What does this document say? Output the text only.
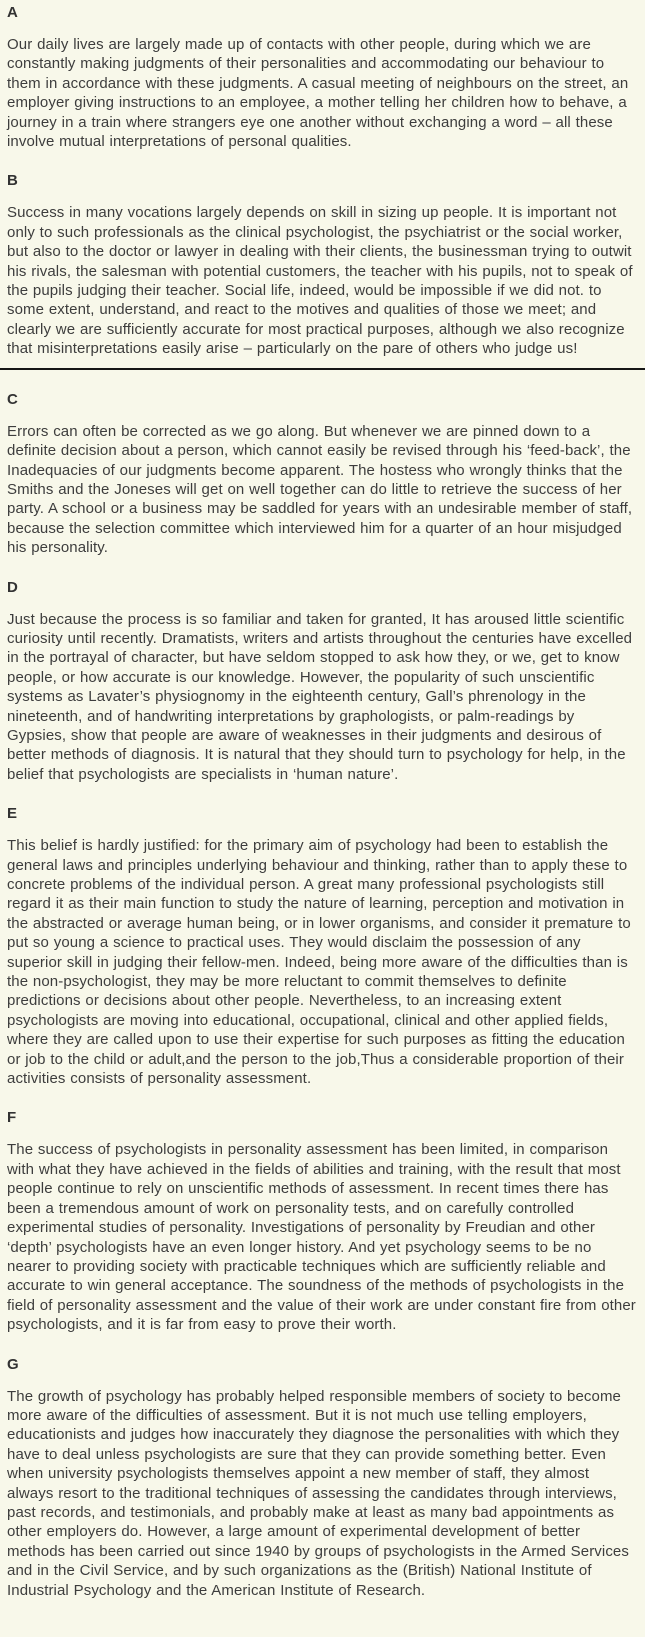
A

Our daily lives are largely made up of contacts with other people, during which we are constantly making judgments of their personalities and accommodating our behaviour to them in accordance with these judgments. A casual meeting of neighbours on the street, an employer giving instructions to an employee, a mother telling her children how to behave, a journey in a train where strangers eye one another without exchanging a word – all these involve mutual interpretations of personal qualities.

B

Success in many vocations largely depends on skill in sizing up people. It is important not only to such professionals as the clinical psychologist, the psychiatrist or the social worker, but also to the doctor or lawyer in dealing with their clients, the businessman trying to outwit his rivals, the salesman with potential customers, the teacher with his pupils, not to speak of the pupils judging their teacher. Social life, indeed, would be impossible if we did not. to some extent, understand, and react to the motives and qualities of those we meet; and clearly we are sufficiently accurate for most practical purposes, although we also recognize that misinterpretations easily arise – particularly on the pare of others who judge us!

C

Errors can often be corrected as we go along. But whenever we are pinned down to a definite decision about a person, which cannot easily be revised through his ‘feed-back’, the Inadequacies of our judgments become apparent. The hostess who wrongly thinks that the Smiths and the Joneses will get on well together can do little to retrieve the success of her party. A school or a business may be saddled for years with an undesirable member of staff, because the selection committee which interviewed him for a quarter of an hour misjudged his personality.

D

Just because the process is so familiar and taken for granted, It has aroused little scientific curiosity until recently. Dramatists, writers and artists throughout the centuries have excelled in the portrayal of character, but have seldom stopped to ask how they, or we, get to know people, or how accurate is our knowledge. However, the popularity of such unscientific systems as Lavater’s physiognomy in the eighteenth century, Gall’s phrenology in the nineteenth, and of handwriting interpretations by graphologists, or palm-readings by Gypsies, show that people are aware of weaknesses in their judgments and desirous of better methods of diagnosis. It is natural that they should turn to psychology for help, in the belief that psychologists are specialists in ‘human nature’.

E

This belief is hardly justified: for the primary aim of psychology had been to establish the general laws and principles underlying behaviour and thinking, rather than to apply these to concrete problems of the individual person. A great many professional psychologists still regard it as their main function to study the nature of learning, perception and motivation in the abstracted or average human being, or in lower organisms, and consider it premature to put so young a science to practical uses. They would disclaim the possession of any superior skill in judging their fellow-men. Indeed, being more aware of the difficulties than is the non-psychologist, they may be more reluctant to commit themselves to definite predictions or decisions about other people. Nevertheless, to an increasing extent psychologists are moving into educational, occupational, clinical and other applied fields, where they are called upon to use their expertise for such purposes as fitting the education or job to the child or adult,and the person to the job,Thus a considerable proportion of their activities consists of personality assessment.

F

The success of psychologists in personality assessment has been limited, in comparison with what they have achieved in the fields of abilities and training, with the result that most people continue to rely on unscientific methods of assessment. In recent times there has been a tremendous amount of work on personality tests, and on carefully controlled experimental studies of personality. Investigations of personality by Freudian and other ‘depth’ psychologists have an even longer history. And yet psychology seems to be no nearer to providing society with practicable techniques which are sufficiently reliable and accurate to win general acceptance. The soundness of the methods of psychologists in the field of personality assessment and the value of their work are under constant fire from other psychologists, and it is far from easy to prove their worth.

G

The growth of psychology has probably helped responsible members of society to become more aware of the difficulties of assessment. But it is not much use telling employers, educationists and judges how inaccurately they diagnose the personalities with which they have to deal unless psychologists are sure that they can provide something better. Even when university psychologists themselves appoint a new member of staff, they almost always resort to the traditional techniques of assessing the candidates through interviews, past records, and testimonials, and probably make at least as many bad appointments as other employers do. However, a large amount of experimental development of better methods has been carried out since 1940 by groups of psychologists in the Armed Services and in the Civil Service, and by such organizations as the (British) National Institute of Industrial Psychology and the American Institute of Research.
